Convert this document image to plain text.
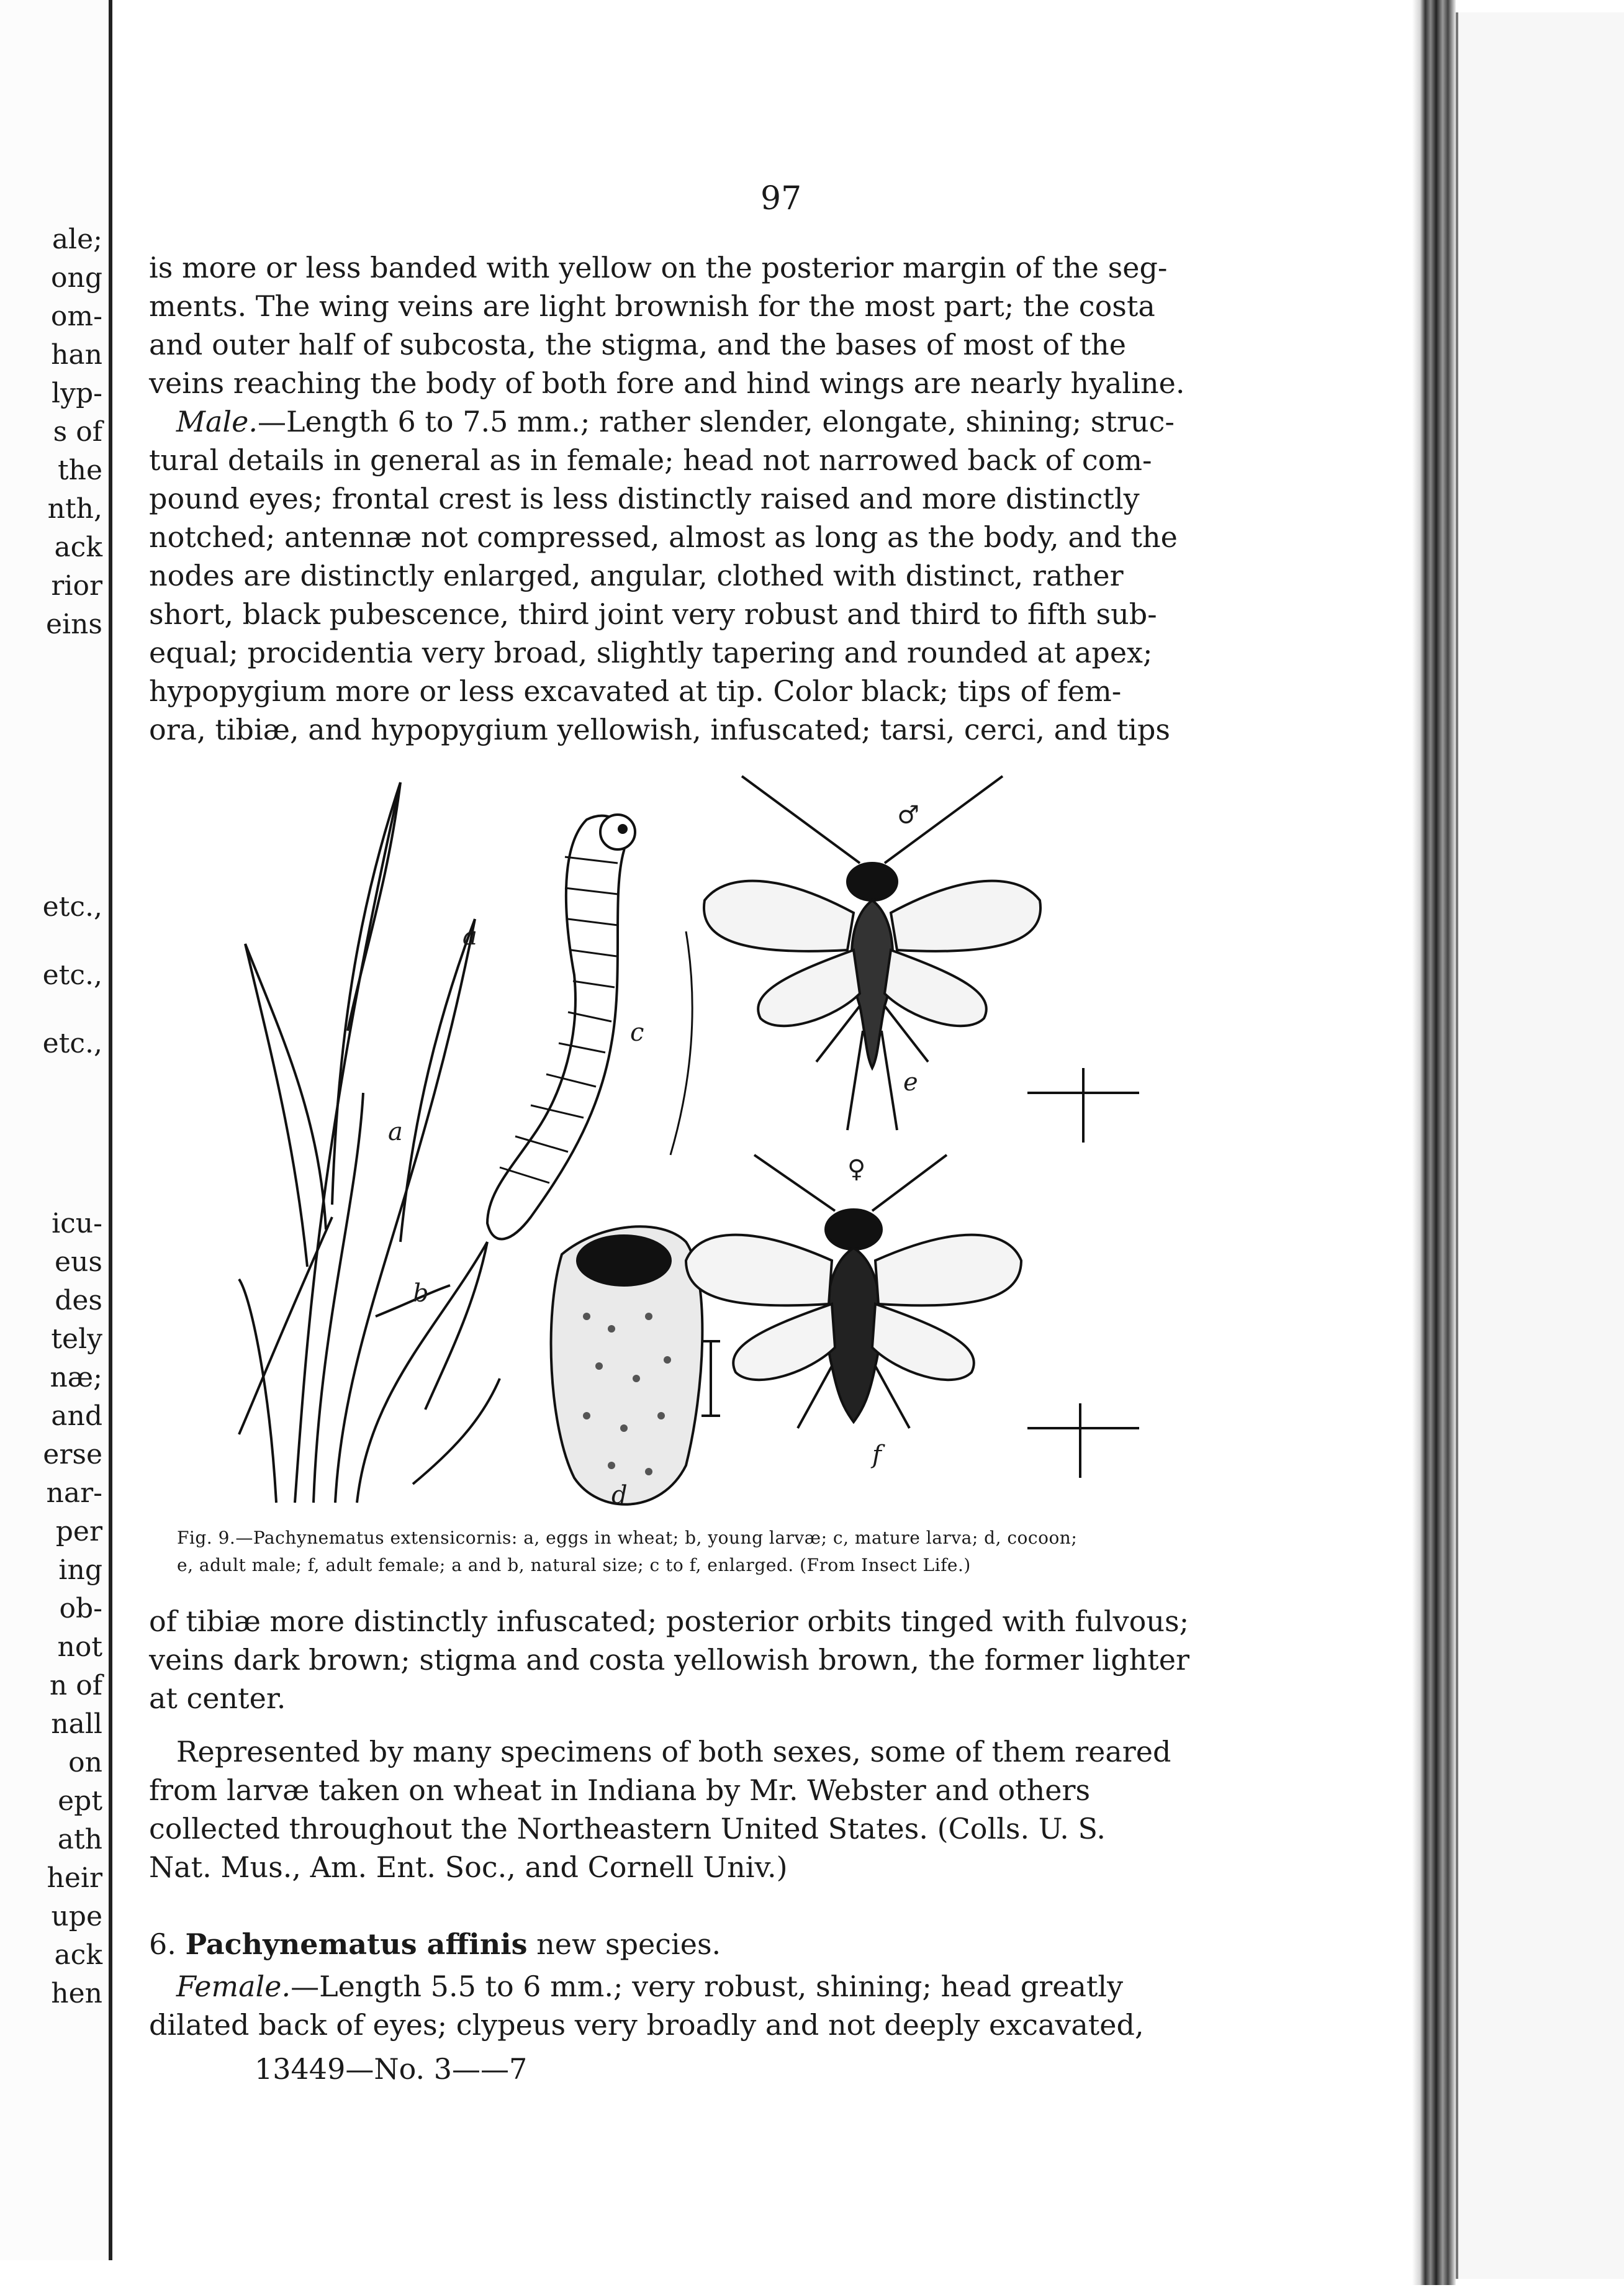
ale;
ong
om-
han
lyp-
s of
the
nth,
ack
rior
eins
etc.,
etc.,
etc.,
icu-
eus
des
tely
næ;
and
erse
nar-
per
ing
ob-
not
n of
nall
on
ept
ath
heir
upe
ack
hen
97

is more or less banded with yellow on the posterior margin of the seg-
ments. The wing veins are light brownish for the most part; the costa
and outer half of subcosta, the stigma, and the bases of most of the
veins reaching the body of both fore and hind wings are nearly hyaline.

Male.—Length 6 to 7.5 mm.; rather slender, elongate, shining; struc-
tural details in general as in female; head not narrowed back of com-
pound eyes; frontal crest is less distinctly raised and more distinctly
notched; antennæ not compressed, almost as long as the body, and the
nodes are distinctly enlarged, angular, clothed with distinct, rather
short, black pubescence, third joint very robust and third to fifth sub-
equal; procidentia very broad, slightly tapering and rounded at apex;
hypopygium more or less excavated at tip. Color black; tips of fem-
ora, tibiæ, and hypopygium yellowish, infuscated; tarsi, cerci, and tips

a
a
b
c
d
e
f
♂
♀

Fig. 9.—Pachynematus extensicornis: a, eggs in wheat; b, young larvæ; c, mature larva; d, cocoon;
e, adult male; f, adult female; a and b, natural size; c to f, enlarged. (From Insect Life.)

of tibiæ more distinctly infuscated; posterior orbits tinged with fulvous;
veins dark brown; stigma and costa yellowish brown, the former lighter
at center.

Represented by many specimens of both sexes, some of them reared
from larvæ taken on wheat in Indiana by Mr. Webster and others
collected throughout the Northeastern United States. (Colls. U. S.
Nat. Mus., Am. Ent. Soc., and Cornell Univ.)

6. Pachynematus affinis new species.

Female.—Length 5.5 to 6 mm.; very robust, shining; head greatly
dilated back of eyes; clypeus very broadly and not deeply excavated,

13449—No. 3——7
